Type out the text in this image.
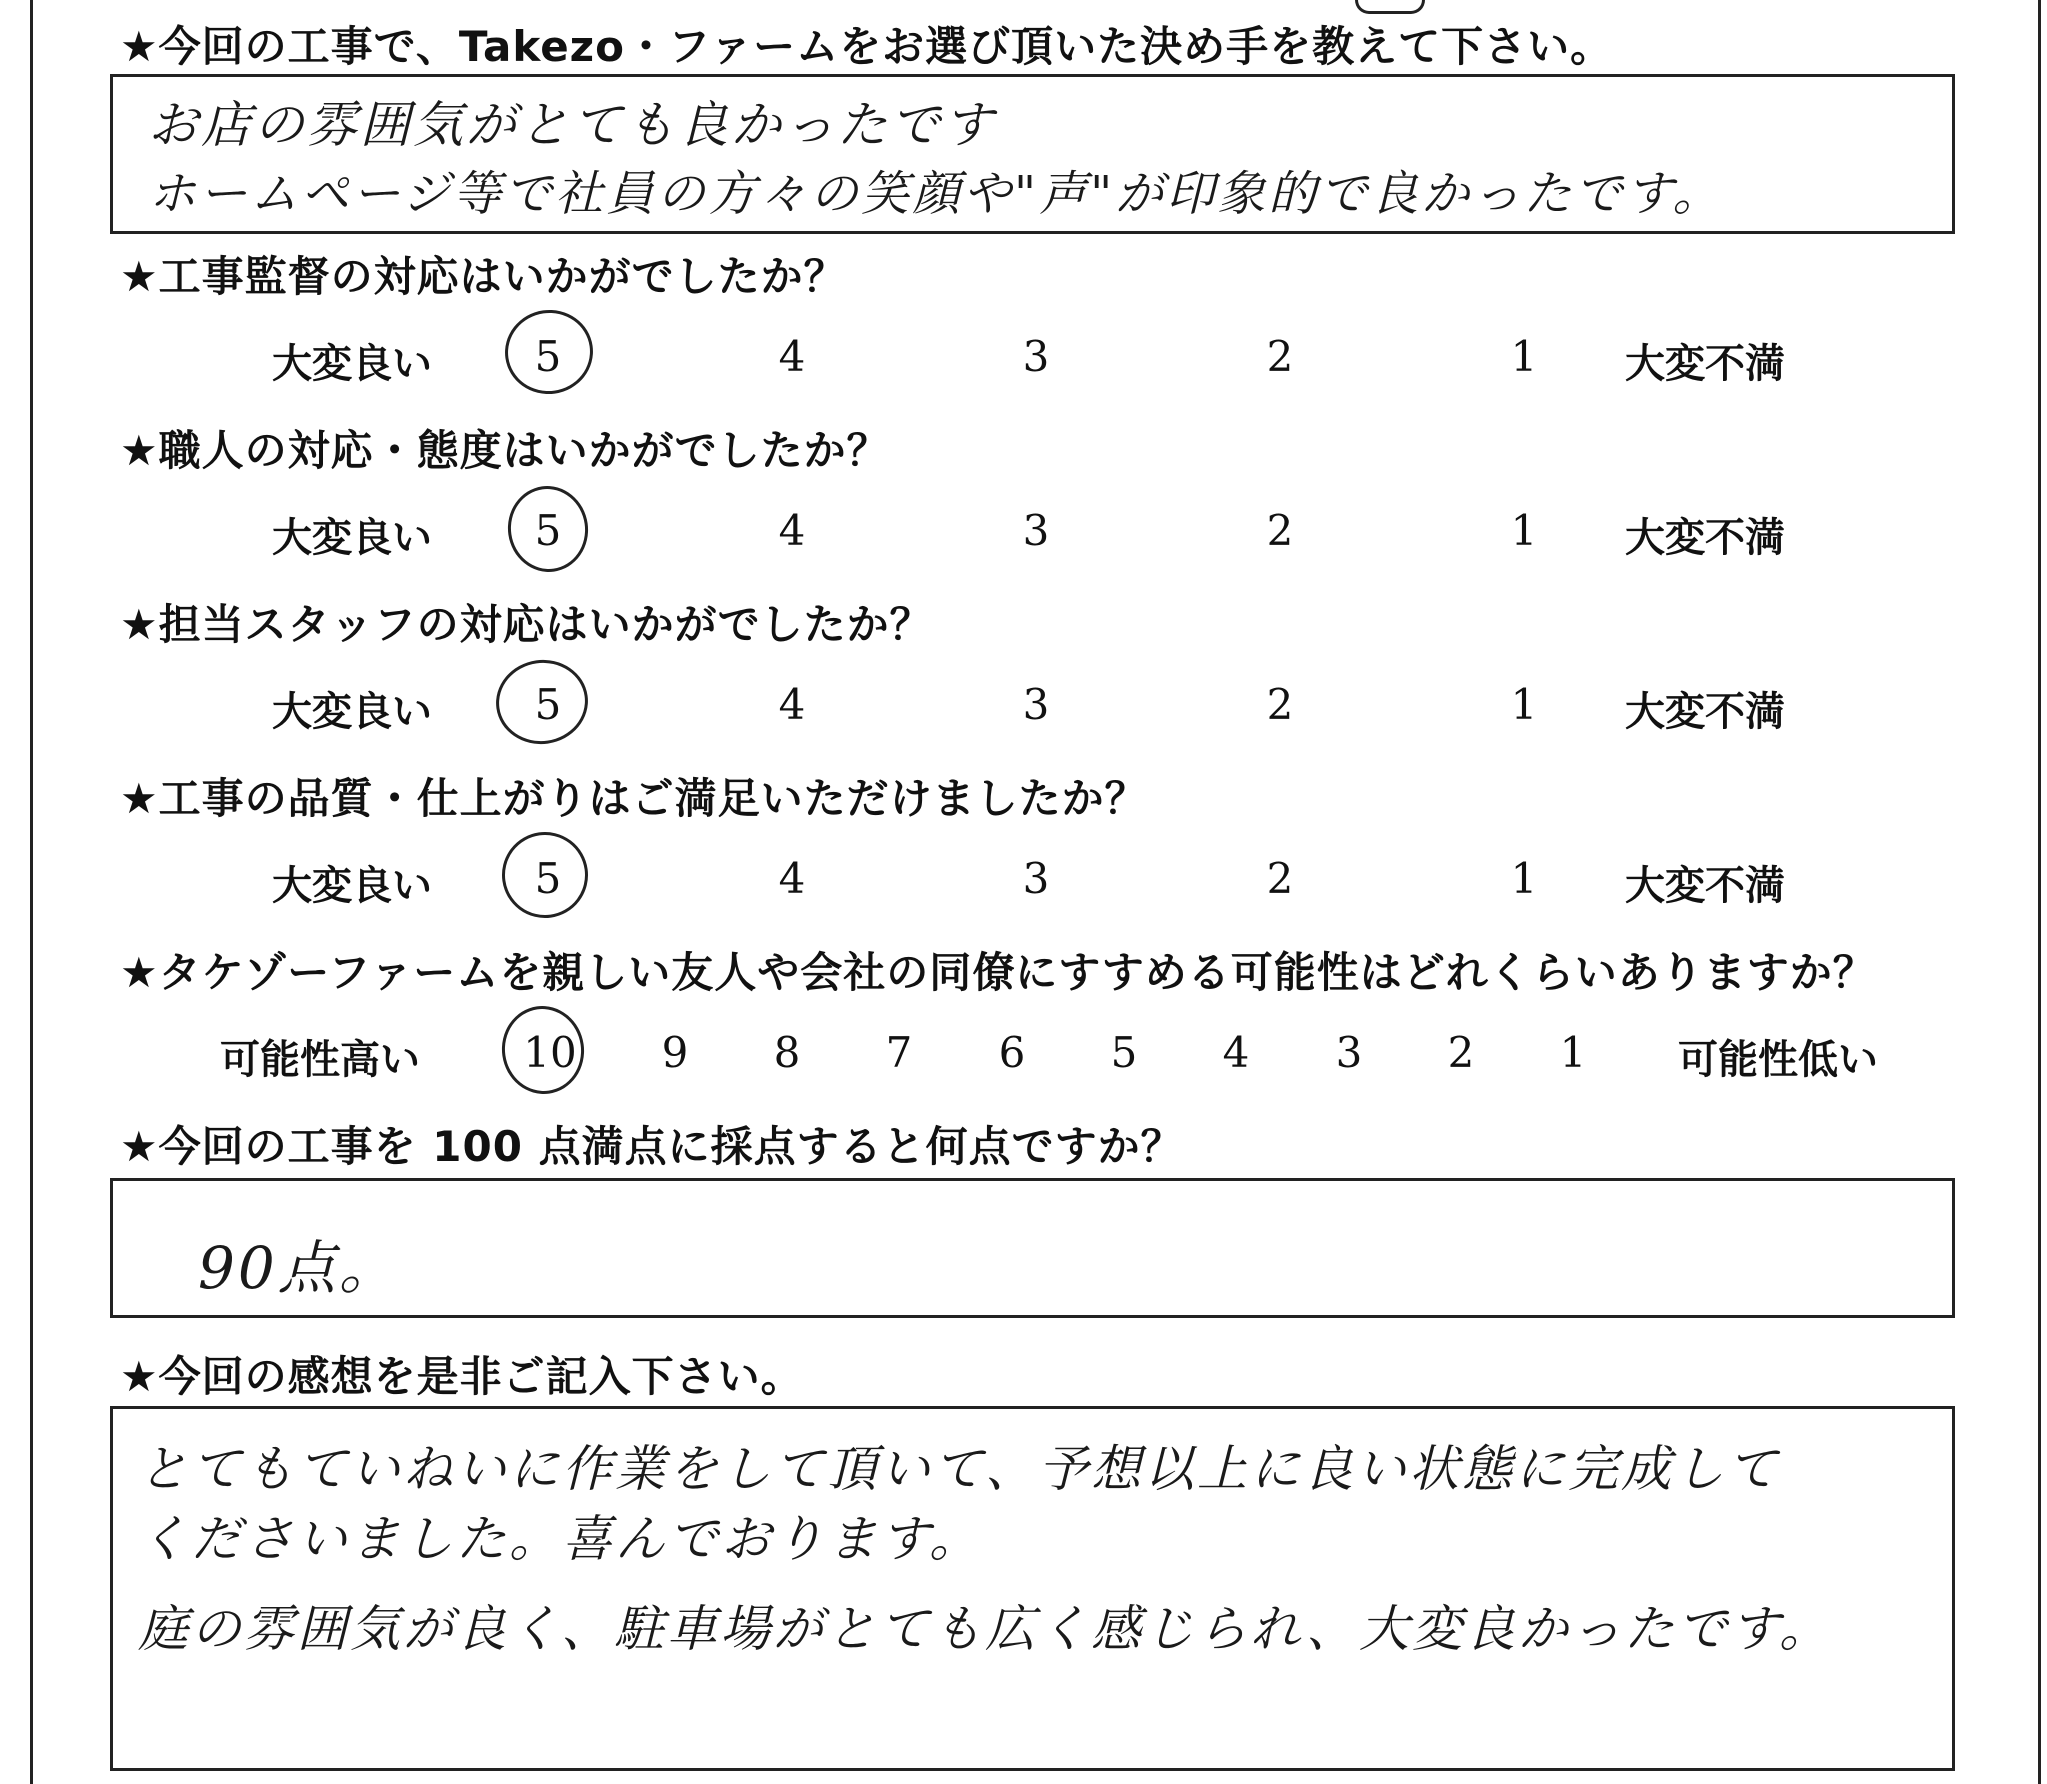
★今回の工事で、Takezo・ファームをお選び頂いた決め手を教えて下さい。
お店の雰囲気がとても良かったです
ホームページ等で社員の方々の笑顔や"声"が印象的で良かったです。
★工事監督の対応はいかがでしたか？
大変良い	5	4	3	2	1	大変不満
★職人の対応・態度はいかがでしたか？
大変良い	5	4	3	2	1	大変不満
★担当スタッフの対応はいかがでしたか？
大変良い	5	4	3	2	1	大変不満
★工事の品質・仕上がりはご満足いただけましたか？
大変良い	5	4	3	2	1	大変不満
★タケゾーファームを親しい友人や会社の同僚にすすめる可能性はどれくらいありますか？
可能性高い 10	9	8	7	6	5	4	3	2	1	可能性低い
★今回の工事を 100 点満点に採点すると何点ですか？
90点。
★今回の感想を是非ご記入下さい。
とてもていねいに作業をして頂いて、予想以上に良い状態に完成して
くださいました。喜んでおります。
庭の雰囲気が良く、駐車場がとても広く感じられ、大変良かったです。
